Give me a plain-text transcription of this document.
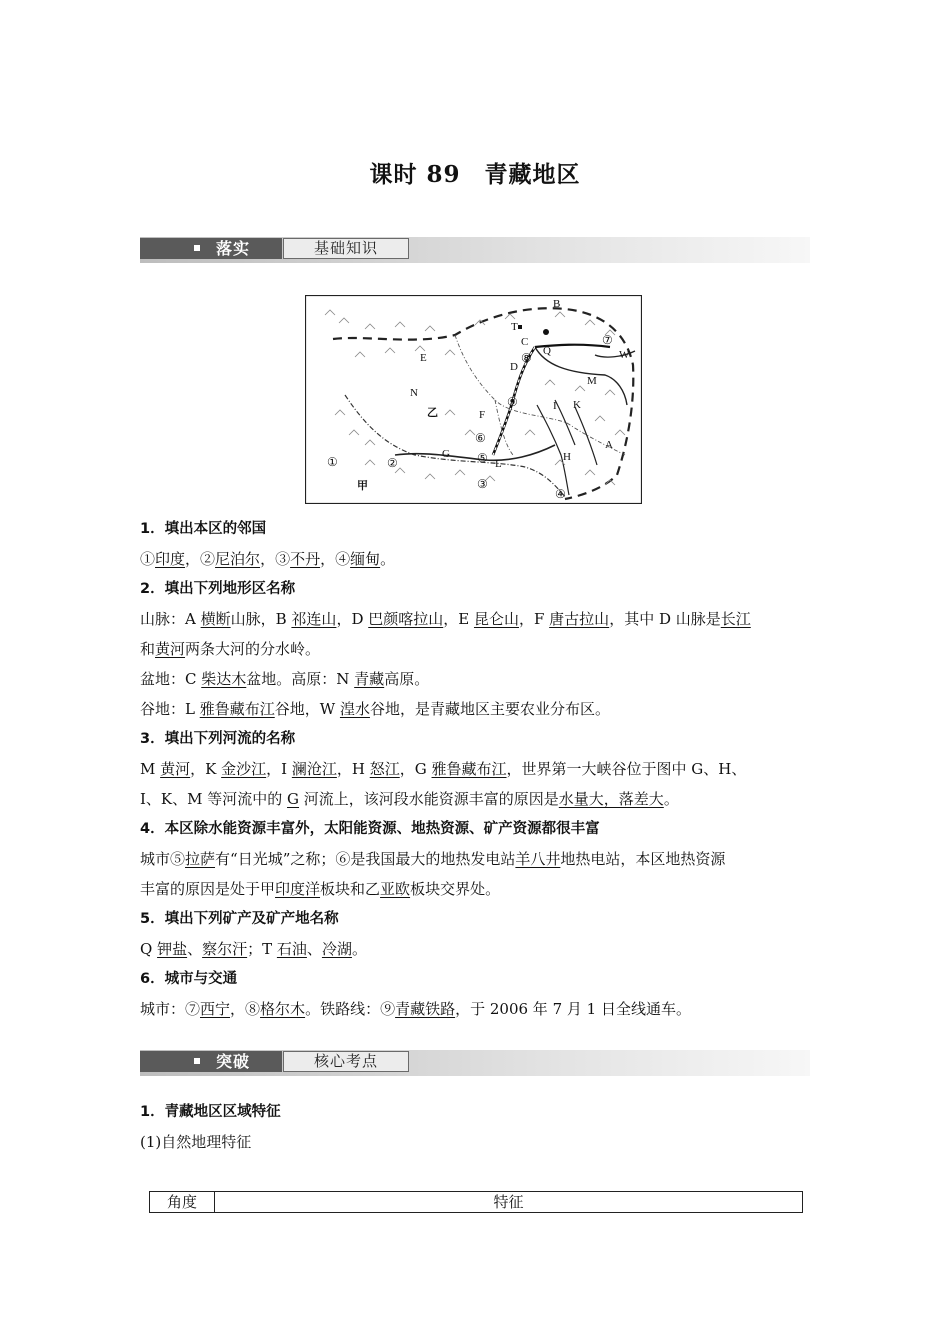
课时 89　青藏地区
落实	基础知识
B
T
C
Q
D
E
N
乙	F
I K
M
W
A
H
G
L
甲
①	②
③
④
⑤
⑥
⑦
⑧
⑨
1．填出本区的邻国
①印度，②尼泊尔，③不丹，④缅甸。
2．填出下列地形区名称
山脉：A 横断山脉，B 祁连山，D 巴颜喀拉山，E 昆仑山，F 唐古拉山，其中 D 山脉是长江
和黄河两条大河的分水岭。
盆地：C 柴达木盆地。高原：N 青藏高原。
谷地：L 雅鲁藏布江谷地，W 湟水谷地，是青藏地区主要农业分布区。
3．填出下列河流的名称
M 黄河，K 金沙江，I 澜沧江，H 怒江，G 雅鲁藏布江，世界第一大峡谷位于图中 G、H、
I、K、M 等河流中的 G 河流上，该河段水能资源丰富的原因是水量大，落差大。
4．本区除水能资源丰富外，太阳能资源、地热资源、矿产资源都很丰富
城市⑤拉萨有“日光城”之称；⑥是我国最大的地热发电站羊八井地热电站，本区地热资源
丰富的原因是处于甲印度洋板块和乙亚欧板块交界处。
5．填出下列矿产及矿产地名称
Q 钾盐、察尔汗；T 石油、冷湖。
6．城市与交通
城市：⑦西宁，⑧格尔木。铁路线：⑨青藏铁路，于 2006 年 7 月 1 日全线通车。
突破	核心考点
1．青藏地区区域特征
(1)自然地理特征
角度	特征
